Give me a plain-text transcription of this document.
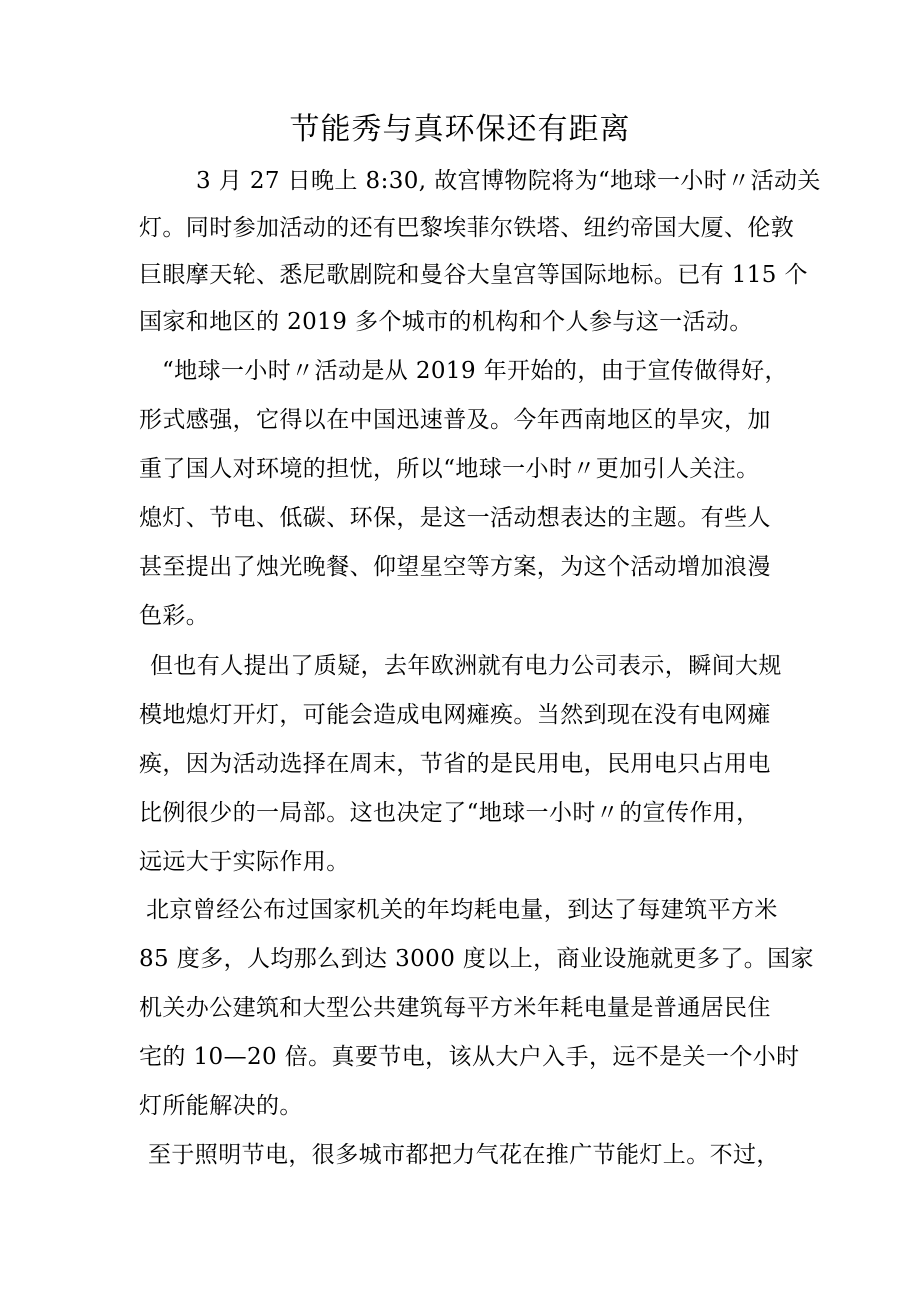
节能秀与真环保还有距离
3 月 27 日晚上 8:30, 故宫博物院将为“地球一小时〃活动关
灯。同时参加活动的还有巴黎埃菲尔铁塔、纽约帝国大厦、伦敦
巨眼摩天轮、悉尼歌剧院和曼谷大皇宫等国际地标。已有 115 个
国家和地区的 2019 多个城市的机构和个人参与这一活动。
“地球一小时〃活动是从 2019 年开始的，由于宣传做得好，
形式感强，它得以在中国迅速普及。今年西南地区的旱灾，加
重了国人对环境的担忧，所以“地球一小时〃更加引人关注。
熄灯、节电、低碳、环保，是这一活动想表达的主题。有些人
甚至提出了烛光晚餐、仰望星空等方案，为这个活动增加浪漫
色彩。
但也有人提出了质疑，去年欧洲就有电力公司表示，瞬间大规
模地熄灯开灯，可能会造成电网瘫痪。当然到现在没有电网瘫
痪，因为活动选择在周末，节省的是民用电，民用电只占用电
比例很少的一局部。这也决定了“地球一小时〃的宣传作用，
远远大于实际作用。
北京曾经公布过国家机关的年均耗电量，到达了每建筑平方米
85 度多，人均那么到达 3000 度以上，商业设施就更多了。国家
机关办公建筑和大型公共建筑每平方米年耗电量是普通居民住
宅的 10—20 倍。真要节电，该从大户入手，远不是关一个小时
灯所能解决的。
至于照明节电，很多城市都把力气花在推广节能灯上。不过，
